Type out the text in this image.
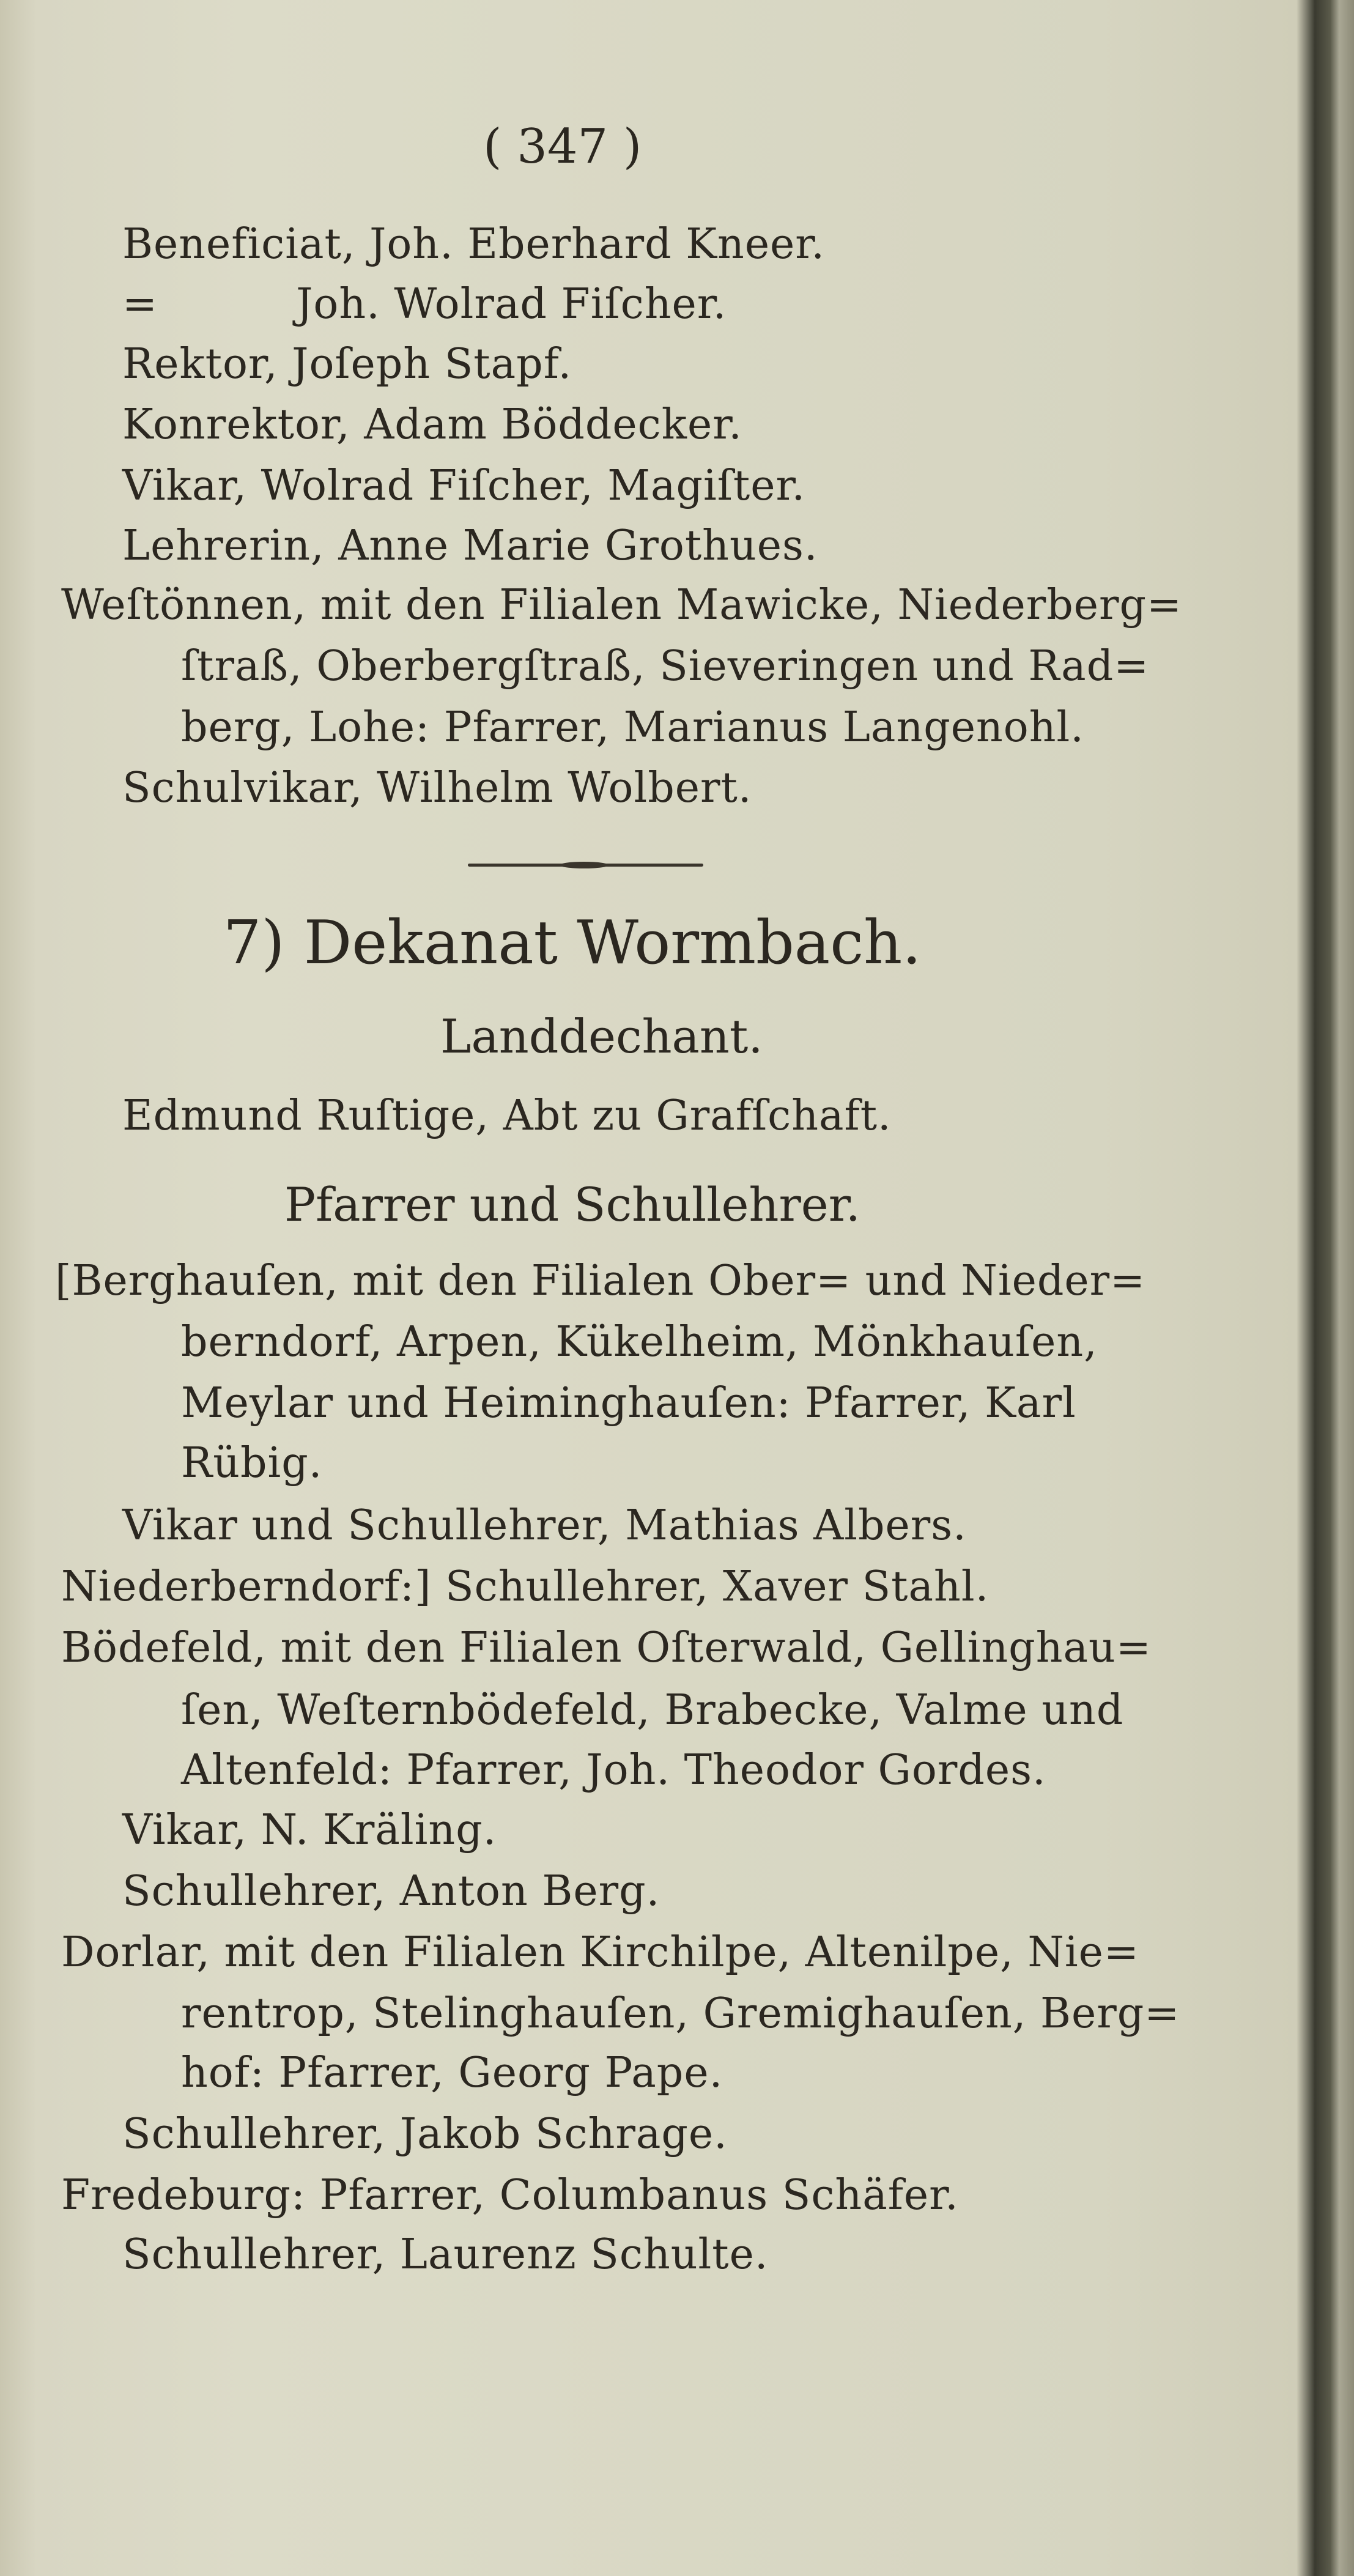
( 347 )
Beneficiat, Joh. Eberhard Kneer.
=          Joh. Wolrad Fiſcher.
Rektor, Joſeph Stapf.
Konrektor, Adam Böddecker.
Vikar, Wolrad Fiſcher, Magiſter.
Lehrerin, Anne Marie Grothues.
Weſtönnen, mit den Filialen Mawicke, Niederberg=
ſtraß, Oberbergſtraß, Sieveringen und Rad=
berg, Lohe: Pfarrer, Marianus Langenohl.
Schulvikar, Wilhelm Wolbert.
7) Dekanat Wormbach.
Landdechant.
Edmund Ruſtige, Abt zu Grafſchaft.
Pfarrer und Schullehrer.
[Berghauſen, mit den Filialen Ober= und Nieder=
berndorf, Arpen, Kükelheim, Mönkhauſen,
Meylar und Heiminghauſen: Pfarrer, Karl
Rübig.
Vikar und Schullehrer, Mathias Albers.
Niederberndorf:] Schullehrer, Xaver Stahl.
Bödefeld, mit den Filialen Oſterwald, Gellinghau=
ſen, Weſternbödefeld, Brabecke, Valme und
Altenfeld: Pfarrer, Joh. Theodor Gordes.
Vikar, N. Kräling.
Schullehrer, Anton Berg.
Dorlar, mit den Filialen Kirchilpe, Altenilpe, Nie=
rentrop, Stelinghauſen, Gremighauſen, Berg=
hof: Pfarrer, Georg Pape.
Schullehrer, Jakob Schrage.
Fredeburg: Pfarrer, Columbanus Schäfer.
Schullehrer, Laurenz Schulte.
